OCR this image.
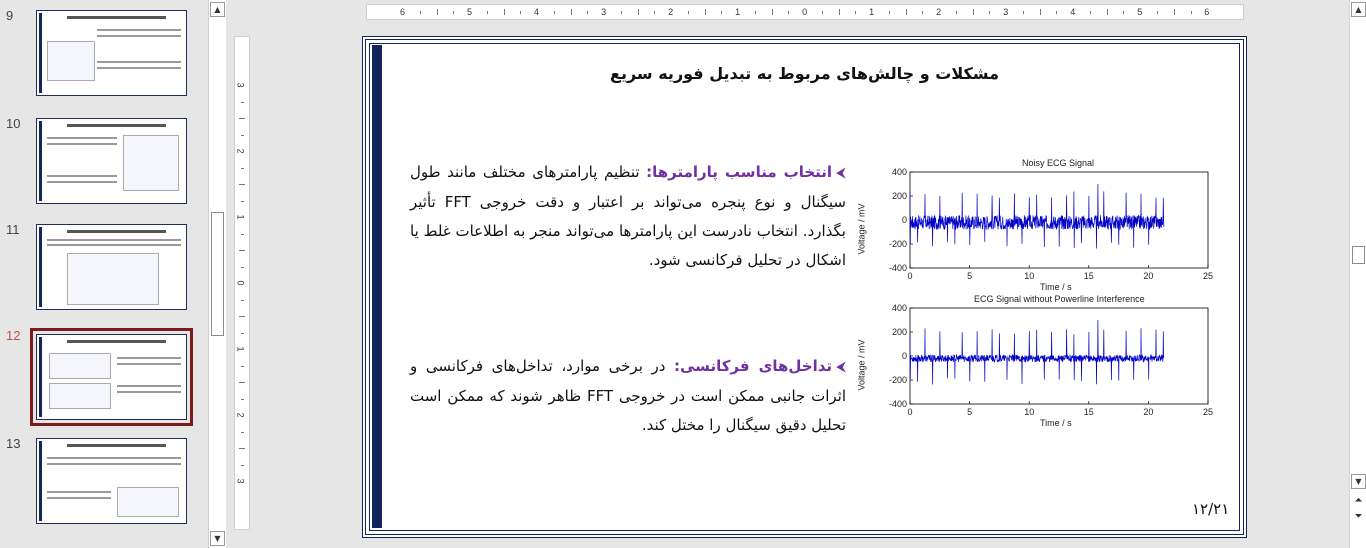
9
10
11
12
13
▲
▼
6	5	4	3	2	1	0	1	2	3	4	5	6
3
2
1
0
1
2
3
مشکلات و چالش‌های مربوط به تبدیل فوریه سریع
⮜انتخاب مناسب پارامترها: تنظیم پارامترهای مختلف مانند طول سیگنال و نوع پنجره می‌تواند بر اعتبار و دقت خروجی FFT تأثیر بگذارد. انتخاب نادرست این پارامترها می‌تواند منجر به اطلاعات غلط یا اشکال در تحلیل فرکانسی شود.
⮜تداخل‌های فرکانسی: در برخی موارد، تداخل‌های فرکانسی و اثرات جانبی ممکن است در خروجی FFT ظاهر شوند که ممکن است تحلیل دقیق سیگنال را مختل کند.
Noisy ECG Signal
0	5	10	15	20	25
400
200
0
-200
-400
Time / s
Voltage / mV
ECG Signal without Powerline Interference
0	5	10	15	20	25
400
200
0
-200
-400
Time / s
Voltage / mV
۱۲/۲۱
▲
▼
⏶
⏷
